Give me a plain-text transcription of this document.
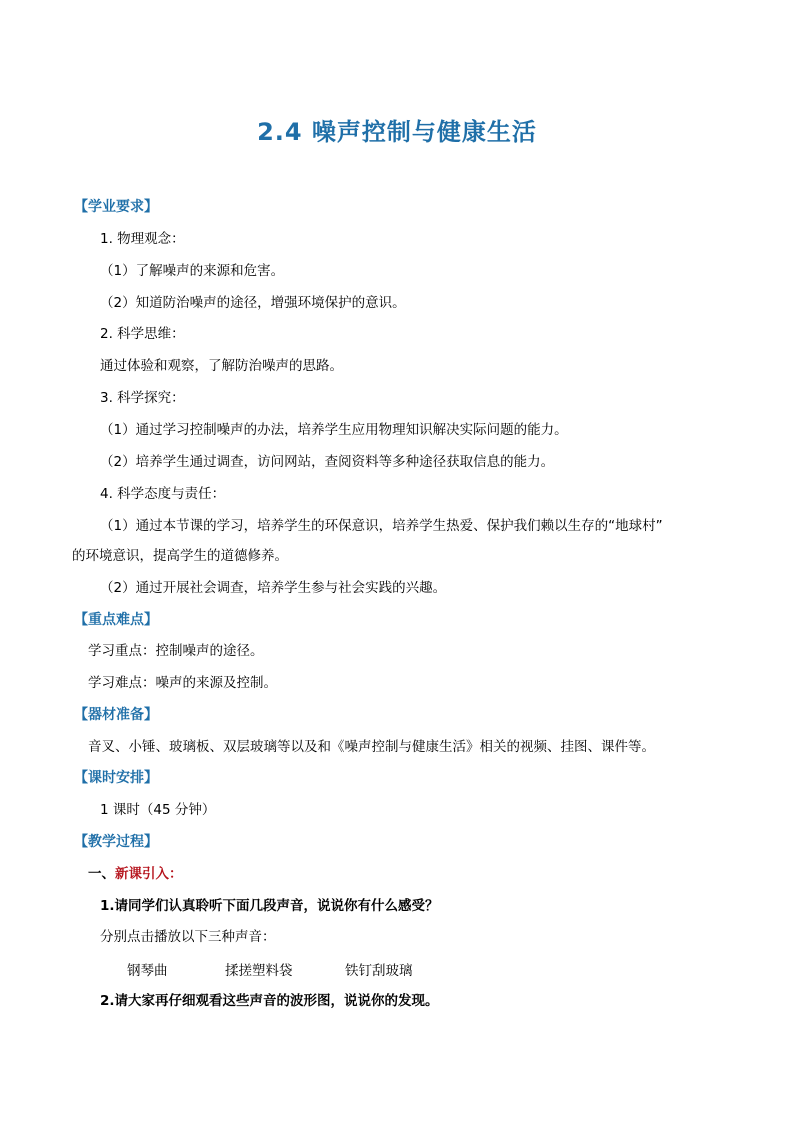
2.4 噪声控制与健康生活
【学业要求】
1. 物理观念：
（1）了解噪声的来源和危害。
（2）知道防治噪声的途径，增强环境保护的意识。
2. 科学思维：
通过体验和观察，了解防治噪声的思路。
3. 科学探究：
（1）通过学习控制噪声的办法，培养学生应用物理知识解决实际问题的能力。
（2）培养学生通过调查，访问网站，查阅资料等多种途径获取信息的能力。
4. 科学态度与责任：
（1）通过本节课的学习，培养学生的环保意识，培养学生热爱、保护我们赖以生存的“地球村”
的环境意识，提高学生的道德修养。
（2）通过开展社会调查，培养学生参与社会实践的兴趣。
【重点难点】
学习重点：控制噪声的途径。
学习难点：噪声的来源及控制。
【器材准备】
音叉、小锤、玻璃板、双层玻璃等以及和《噪声控制与健康生活》相关的视频、挂图、课件等。
【课时安排】
1 课时（45 分钟）
【教学过程】
一、新课引入：
1.请同学们认真聆听下面几段声音，说说你有什么感受？
分别点击播放以下三种声音：
钢琴曲	揉搓塑料袋	铁钉刮玻璃
2.请大家再仔细观看这些声音的波形图，说说你的发现。
